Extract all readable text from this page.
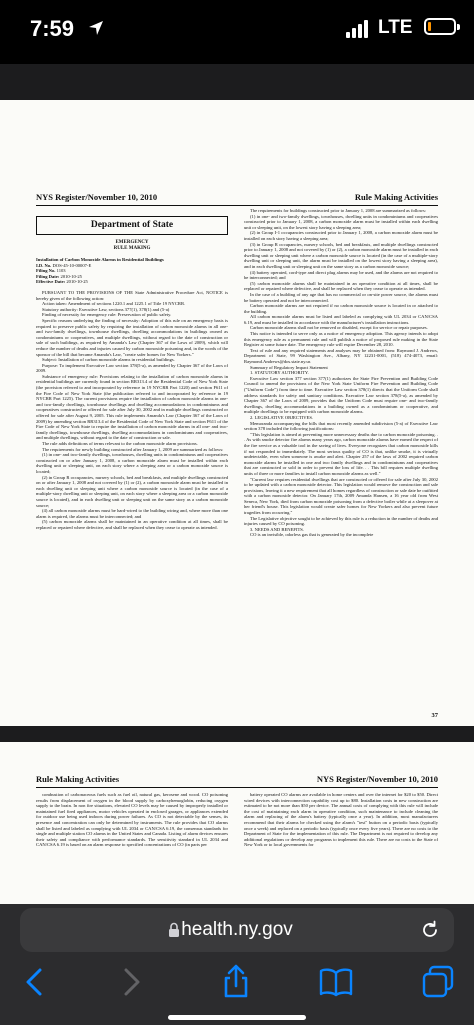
7:59	LTE
NYS Register/November 10, 2010	Rule Making Activities
Department of State

EMERGENCY

RULE MAKING

Installation of Carbon Monoxide Alarms in Residential Buildings

I.D. No. DOS-45-10-00007-E

Filing No. 1103

Filing Date: 2010-10-25

Effective Date: 2010-10-25

PURSUANT TO THE PROVISIONS OF THE State Administrative Procedure Act, NOTICE is hereby given of the following action:

Action taken: Amendment of sections 1220.1 and 1225.1 of Title 19 NYCRR.

Statutory authority: Executive Law, sections 377(1), 378(1) and (5-a)

Finding of necessity for emergency rule: Preservation of public safety.

Specific reasons underlying the finding of necessity: Adoption of this rule on an emergency basis is required to preserve public safety by requiring the installation of carbon monoxide alarms in all one- and two-family dwellings, townhouse dwellings, dwelling accommodations in buildings owned as condominiums or cooperatives, and multiple dwellings, without regard to the date of construction or sale of such buildings, as required by Amanda's Law (Chapter 367 of the Laws of 2009), which will reduce the number of deaths and injuries caused by carbon monoxide poisoning and, in the words of the sponsor of the bill that became Amanda's Law, "create safer homes for New Yorkers."

Subject: Installation of carbon monoxide alarms in residential buildings.

Purpose: To implement Executive Law section 378(5-a), as amended by Chapter 367 of the Laws of 2009.

Substance of emergency rule: Provisions relating to the installation of carbon monoxide alarms in residential buildings are currently found in section RR313.4 of the Residential Code of New York State (the provision referred to and incorporated by reference in 19 NYCRR Part 1220) and section F611 of the Fire Code of New York State (the publication referred to and incorporated by reference in 19 NYCRR Part 1225). The current provisions require the installation of carbon monoxide alarms in one- and two-family dwellings, townhouse dwellings and dwelling accommodations in condominiums and cooperatives constructed or offered for sale after July 30, 2002 and in multiple dwellings constructed or offered for sale after August 9, 2005. This rule implements Amanda's Law (Chapter 367 of the Laws of 2009) by amending section RR313.4 of the Residential Code of New York State and section F611 of the Fire Code of New York State to require the installation of carbon monoxide alarms in all one- and two-family dwellings, townhouse dwellings, dwelling accommodations in condominiums and cooperatives, and multiple dwellings, without regard to the date of construction or sale.

The rule adds definitions of terms relevant to the carbon monoxide alarm provisions.

The requirements for newly building constructed after January 1, 2009 are summarized as follows:

(1) in one- and two-family dwellings, townhouses, dwelling units in condominiums and cooperatives constructed on or after January 1, 2008, a carbon monoxide alarm must be installed within each dwelling unit or sleeping unit, on each story where a sleeping area or a carbon monoxide source is located;

(2) in Group R occupancies, nursery schools, bed and breakfasts, and multiple dwellings constructed on or after January 1, 2008 and not covered by (1) or (2), a carbon monoxide alarm must be installed in each dwelling unit or sleeping unit where a carbon monoxide source is located (in the case of a multiple-story dwelling unit or sleeping unit, on each story where a sleeping area or a carbon monoxide source is located), and in each dwelling unit or sleeping unit on the same story as a carbon monoxide source;

(4) all carbon monoxide alarms must be hard-wired to the building wiring and, where more than one alarm is required, the alarms must be interconnected; and

(5) carbon monoxide alarms shall be maintained in an operative condition at all times, shall be replaced or repaired where defective, and shall be replaced when they cease to operate as intended.

The requirements for buildings constructed prior to January 1, 2008 are summarized as follows:

(1) in one- and two-family dwellings, townhouses, dwelling units in condominiums and cooperatives constructed prior to January 1, 2008, a carbon monoxide alarm must be installed within each dwelling unit or sleeping unit, on the lowest story having a sleeping area;

(2) in Group I-1 occupancies constructed prior to January 1, 2008, a carbon monoxide alarm must be installed on each story having a sleeping area;

(3) in Group R occupancies, nursery schools, bed and breakfasts, and multiple dwellings constructed prior to January 1, 2008 and not covered by (1) or (2), a carbon monoxide alarm must be installed in each dwelling unit or sleeping unit where a carbon monoxide source is located (in the case of a multiple-story dwelling unit or sleeping unit, the alarm must be installed on the lowest story having a sleeping area), and in each dwelling unit or sleeping unit on the same story as a carbon monoxide source;

(4) battery operated, cord-type and direct plug alarms may be used, and the alarms are not required to be interconnected; and

(5) carbon monoxide alarms shall be maintained in an operative condition at all times, shall be replaced or repaired where defective, and shall be replaced when they cease to operate as intended.

In the case of a building of any age that has no commercial or on-site power source, the alarms must be battery operated and not be interconnected.

Carbon monoxide alarms are not required if no carbon monoxide source is located in or attached to the building.

All carbon monoxide alarms must be listed and labeled as complying with UL 2034 or CAN/CSA 6.19, and must be installed in accordance with the manufacturer's installation instructions.

Carbon monoxide alarms shall not be removed or disabled, except for service or repair purposes.

This notice is intended to serve only as a notice of emergency adoption. This agency intends to adopt this emergency rule as a permanent rule and will publish a notice of proposed rule making in the State Register at some future date. The emergency rule will expire December 28, 2010.

Text of rule and any required statements and analyses may be obtained from: Raymond J. Andrews, Department of State, 99 Washington Ave., Albany, NY 12231-0001, (518) 474-4073, email: Raymond.Andrews@dos.state.ny.us

Summary of Regulatory Impact Statement

1. STATUTORY AUTHORITY.

Executive Law section 377 section 377(1) authorizes the State Fire Prevention and Building Code Council to amend the provisions of the New York State Uniform Fire Prevention and Building Code ("Uniform Code") from time to time. Executive Law section 378(1) directs that the Uniform Code shall address standards for safety and sanitary conditions. Executive Law section 378(5-a), as amended by Chapter 367 of the Laws of 2009, provides that the Uniform Code must require one- and two-family dwellings, dwelling accommodations in a building owned as a condominium or cooperative, and multiple dwellings to be equipped with carbon monoxide alarms.

2. LEGISLATIVE OBJECTIVES.

Memoranda accompanying the bills that most recently amended subdivision (5-a) of Executive Law section 378 included the following justifications:

"This legislation is aimed at preventing more unnecessary deaths due to carbon monoxide poisoning. . . As with smoke detector fire alarms many years ago, carbon monoxide alarms have earned the respect of the fire service as a valuable tool in the saving of lives. Everyone recognizes that carbon monoxide kills if not responded to immediately. The most serious quality of CO is that, unlike smoke, it is virtually undetectable, even when someone is awake and alert. Chapter 257 of the laws of 2002 required carbon monoxide alarms be installed in one and two family dwellings and in condominiums and cooperatives that are constructed or sold in order to prevent the loss of life. . . This bill requires multiple dwelling units of three or more families to install carbon monoxide alarms as well."

"Current law requires residential dwellings that are constructed or offered for sale after July 30, 2002 to be updated with a carbon monoxide detector. This legislation would remove the construction and sale provisions, leaving it a new requirement that all homes regardless of construction or sale date be outfitted with a carbon monoxide detector. On January 17th, 2009 Amanda Hansen, a 16 year old from West Seneca, New York, died from carbon monoxide poisoning from a defective boiler while at a sleepover at her friend's house. This legislation would create safer homes for New Yorkers and also prevent future tragedies from occurring."

The Legislative objective sought to be achieved by this rule is a reduction in the number of deaths and injuries caused by CO poisoning.

3. NEEDS AND BENEFITS.

CO is an invisible, odorless gas that is generated by the incomplete

37
Rule Making Activities	NYS Register/November 10, 2010

combustion of carbonaceous fuels such as fuel oil, natural gas, kerosene and wood. CO poisoning results from displacement of oxygen in the blood supply by carboxyhemoglobin, reducing oxygen supply to the brain. In non fire situations, elevated CO levels may be caused by improperly installed or maintained fuel fired appliances, motor vehicles operated in enclosed garages, or appliances extended for outdoor use being used indoors during power failures. As CO is not detectable by the senses, its presence and concentration can only be determined by instruments. The rule provides that CO alarms shall be listed and labeled as complying with UL 2034 or CAN/CSA 6.19, the consensus standards for single and multiple station CO alarms in the United States and Canada. Listing of alarm devices ensures their safety and compliance with performance standards. The sensitivity standard in UL 2034 and CAN/CSA 6.19 is based on an alarm response to specified concentrations of CO (in parts per

battery operated CO alarms are available in home centers and over the internet for $20 to $50. Direct wired devices with interconnection capability cost up to $80. Installation costs in new construction are estimated to be not more than $50 per device. The annual costs of complying with this rule will include the cost of maintaining each alarm in operative condition, such maintenance to include cleaning the alarm and replacing of the alarm's battery (typically once a year). In addition, most manufacturers recommend that their alarms be checked using the alarm's "test" button on a periodic basis (typically once a week) and replaced on a periodic basis (typically once every five years). There are no costs to the Department of State for the implementation of this rule. The Department is not required to develop any additional regulations or develop any programs to implement this rule. There are no costs to the State of New York or to local governments for

health.ny.gov
